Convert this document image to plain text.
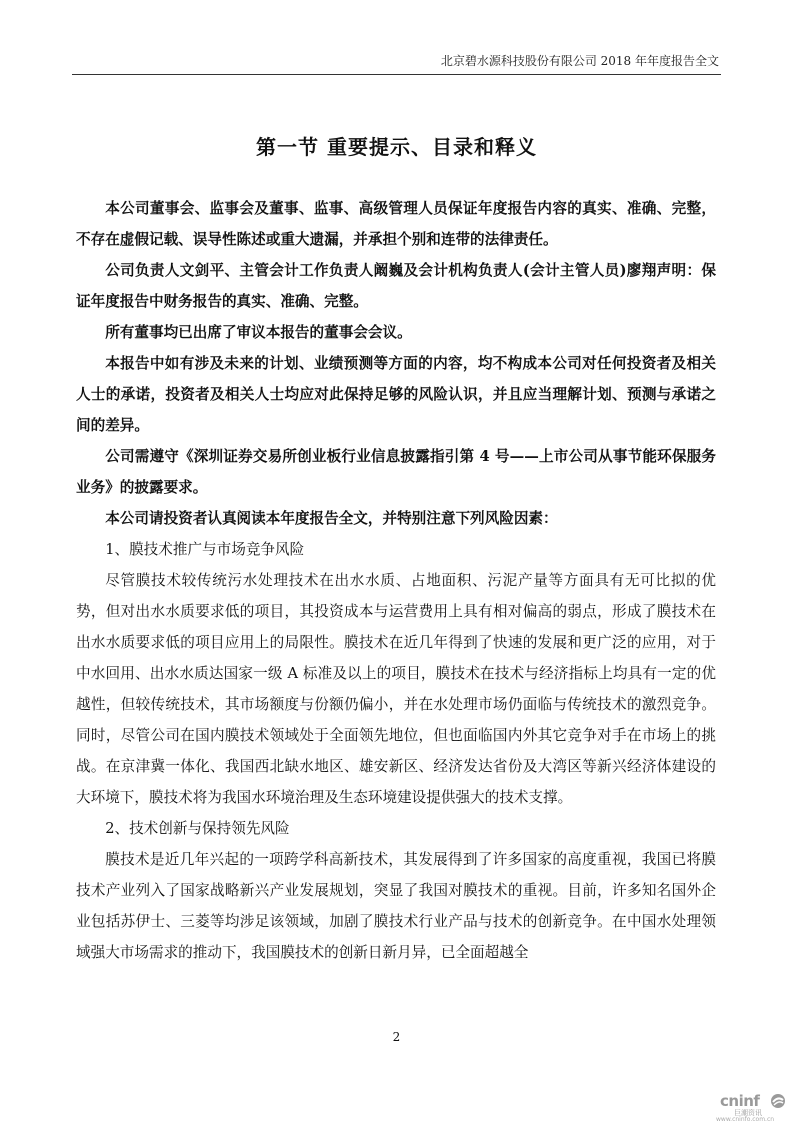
北京碧水源科技股份有限公司 2018 年年度报告全文
第一节 重要提示、目录和释义

本公司董事会、监事会及董事、监事、高级管理人员保证年度报告内容的真实、准确、完整，不存在虚假记载、误导性陈述或重大遗漏，并承担个别和连带的法律责任。

公司负责人文剑平、主管会计工作负责人阚巍及会计机构负责人(会计主管人员)廖翔声明：保证年度报告中财务报告的真实、准确、完整。

所有董事均已出席了审议本报告的董事会会议。

本报告中如有涉及未来的计划、业绩预测等方面的内容，均不构成本公司对任何投资者及相关人士的承诺，投资者及相关人士均应对此保持足够的风险认识，并且应当理解计划、预测与承诺之间的差异。

公司需遵守《深圳证券交易所创业板行业信息披露指引第 4 号——上市公司从事节能环保服务业务》的披露要求。

本公司请投资者认真阅读本年度报告全文，并特别注意下列风险因素：

1、膜技术推广与市场竞争风险

尽管膜技术较传统污水处理技术在出水水质、占地面积、污泥产量等方面具有无可比拟的优势，但对出水水质要求低的项目，其投资成本与运营费用上具有相对偏高的弱点，形成了膜技术在出水水质要求低的项目应用上的局限性。膜技术在近几年得到了快速的发展和更广泛的应用，对于中水回用、出水水质达国家一级 A 标准及以上的项目，膜技术在技术与经济指标上均具有一定的优越性，但较传统技术，其市场额度与份额仍偏小，并在水处理市场仍面临与传统技术的激烈竞争。同时，尽管公司在国内膜技术领域处于全面领先地位，但也面临国内外其它竞争对手在市场上的挑战。在京津冀一体化、我国西北缺水地区、雄安新区、经济发达省份及大湾区等新兴经济体建设的大环境下，膜技术将为我国水环境治理及生态环境建设提供强大的技术支撑。

2、技术创新与保持领先风险

膜技术是近几年兴起的一项跨学科高新技术，其发展得到了许多国家的高度重视，我国已将膜技术产业列入了国家战略新兴产业发展规划，突显了我国对膜技术的重视。目前，许多知名国外企业包括苏伊士、三菱等均涉足该领域，加剧了膜技术行业产品与技术的创新竞争。在中国水处理领域强大市场需求的推动下，我国膜技术的创新日新月异，已全面超越全

2
cninf
巨潮资讯
www.cninfo.com.cn
